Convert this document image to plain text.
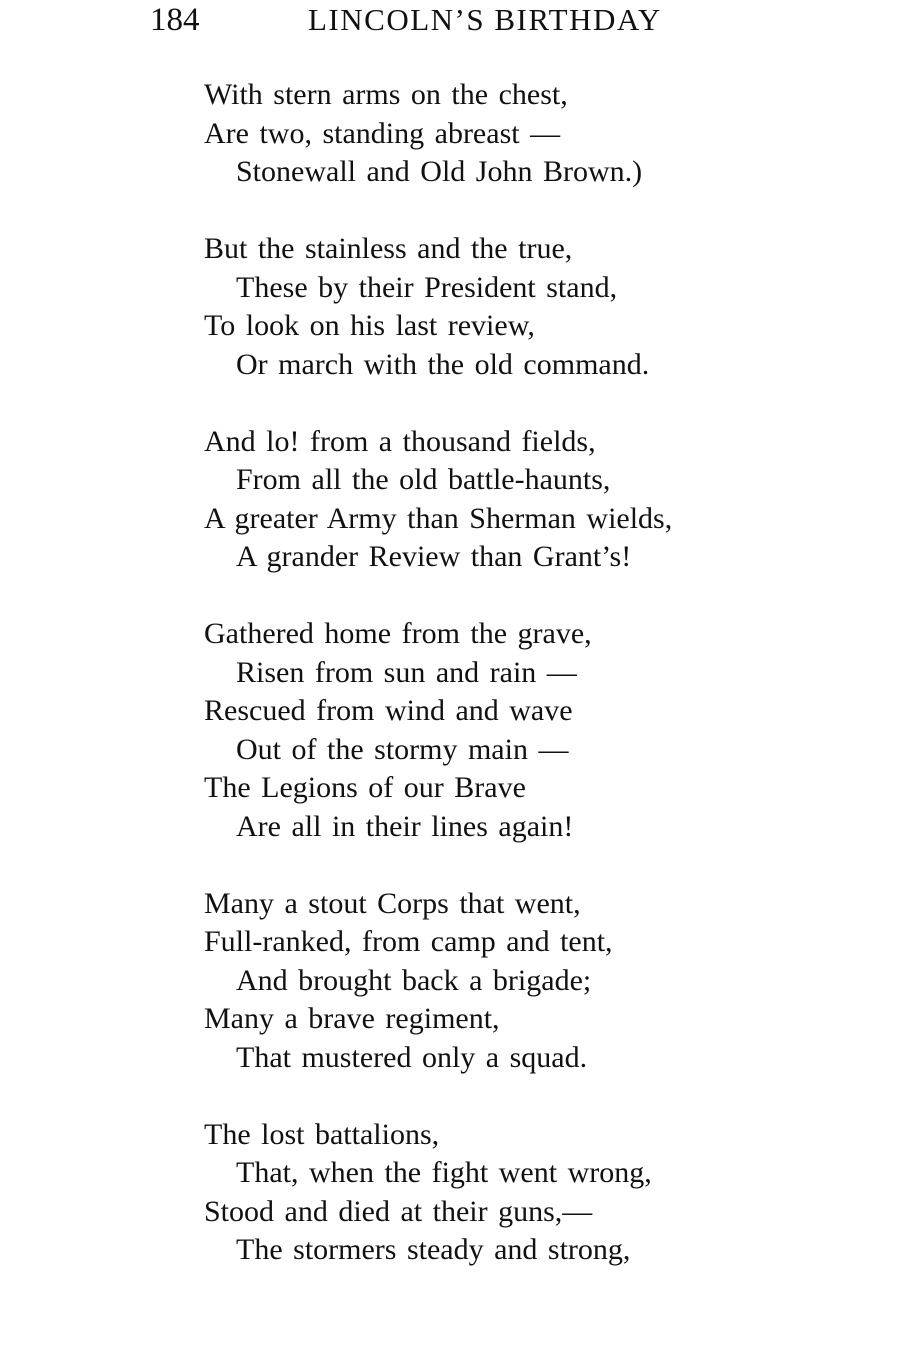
184	LINCOLN’S BIRTHDAY
With stern arms on the chest,
Are two, standing abreast —
Stonewall and Old John Brown.)
But the stainless and the true,
These by their President stand,
To look on his last review,
Or march with the old command.
And lo! from a thousand fields,
From all the old battle-haunts,
A greater Army than Sherman wields,
A grander Review than Grant’s!
Gathered home from the grave,
Risen from sun and rain —
Rescued from wind and wave
Out of the stormy main —
The Legions of our Brave
Are all in their lines again!
Many a stout Corps that went,
Full-ranked, from camp and tent,
And brought back a brigade;
Many a brave regiment,
That mustered only a squad.
The lost battalions,
That, when the fight went wrong,
Stood and died at their guns,—
The stormers steady and strong,
